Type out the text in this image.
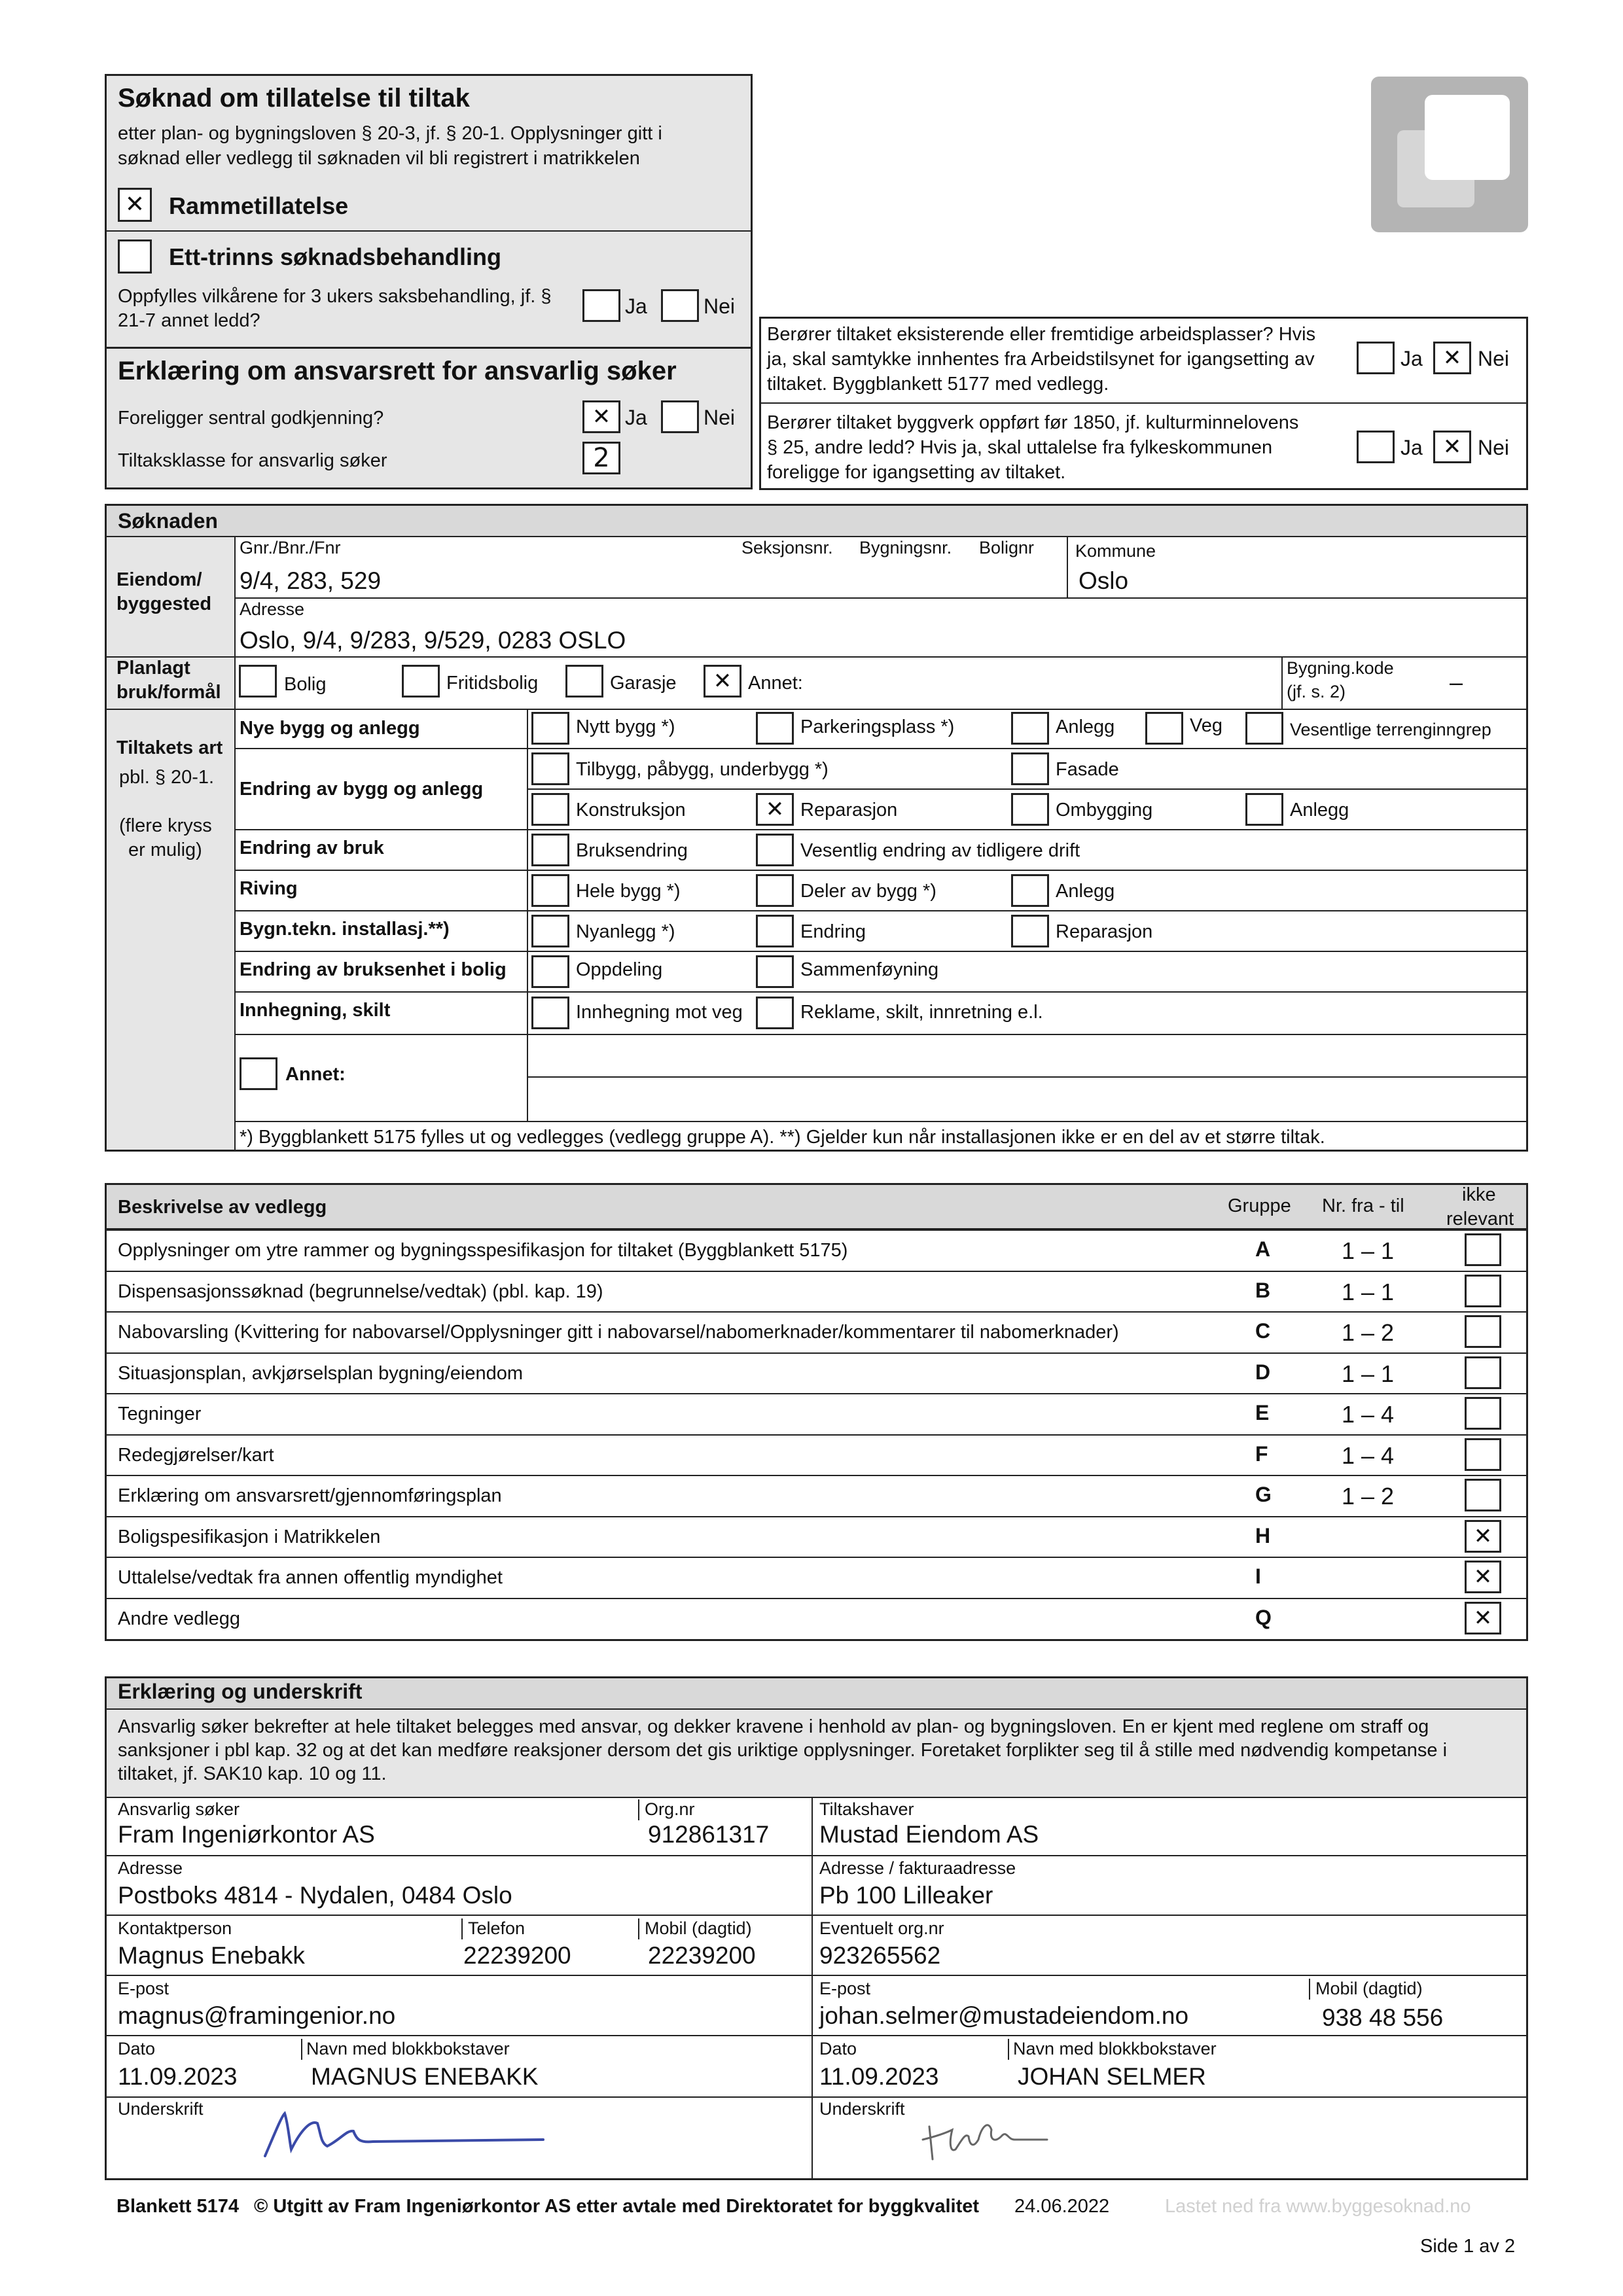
Søknad om tillatelse til tiltak
etter plan- og bygningsloven § 20-3, jf. § 20-1. Opplysninger gitt i
søknad eller vedlegg til søknaden vil bli registrert i matrikkelen
✕	Rammetillatelse
Ett-trinns søknadsbehandling
Oppfylles vilkårene for 3 ukers saksbehandling, jf. §
21-7 annet ledd?
Ja	Nei
Erklæring om ansvarsrett for ansvarlig søker
Foreligger sentral godkjenning?	✕ Ja	Nei
Tiltaksklasse for ansvarlig søker	2
Berører tiltaket eksisterende eller fremtidige arbeidsplasser? Hvis
ja, skal samtykke innhentes fra Arbeidstilsynet for igangsetting av
tiltaket. Byggblankett 5177 med vedlegg.
Ja ✕ Nei
Berører tiltaket byggverk oppført før 1850, jf. kulturminnelovens
§ 25, andre ledd? Hvis ja, skal uttalelse fra fylkeskommunen
foreligge for igangsetting av tiltaket.
Ja ✕ Nei
Søknaden
Eiendom/
byggested
Gnr./Bnr./Fnr
9/4, 283, 529
Seksjonsnr. Bygningsnr. Bolignr Kommune
Oslo
Adresse
Oslo, 9/4, 9/283, 9/529, 0283 OSLO
Planlagt
bruk/formål	Bolig	Fritidsbolig	Garasje	✕ Annet:
Bygning.kode
(jf. s. 2)	–
Tiltakets art
pbl. § 20-1.
(flere kryss
er mulig)
Nye bygg og anlegg	Nytt bygg *)	Parkeringsplass *)	Anlegg	Veg	Vesentlige terrenginngrep
Endring av bygg og anlegg
Tilbygg, påbygg, underbygg *)	Fasade
Konstruksjon	✕ Reparasjon	Ombygging	Anlegg
Endring av bruk	Bruksendring	Vesentlig endring av tidligere drift
Riving	Hele bygg *)	Deler av bygg *)	Anlegg
Bygn.tekn. installasj.**)	Nyanlegg *)	Endring	Reparasjon
Endring av bruksenhet i bolig	Oppdeling	Sammenføyning
Innhegning, skilt	Innhegning mot veg	Reklame, skilt, innretning e.l.
Annet:
*) Byggblankett 5175 fylles ut og vedlegges (vedlegg gruppe A). **) Gjelder kun når installasjonen ikke er en del av et større tiltak.
Beskrivelse av vedlegg	Gruppe Nr. fra - til
ikke
relevant
Opplysninger om ytre rammer og bygningsspesifikasjon for tiltaket (Byggblankett 5175)	A	1 – 1
Dispensasjonssøknad (begrunnelse/vedtak) (pbl. kap. 19)	B	1 – 1
Nabovarsling (Kvittering for nabovarsel/Opplysninger gitt i nabovarsel/nabomerknader/kommentarer til nabomerknader)	C	1 – 2
Situasjonsplan, avkjørselsplan bygning/eiendom	D	1 – 1
Tegninger	E	1 – 4
Redegjørelser/kart	F	1 – 4
Erklæring om ansvarsrett/gjennomføringsplan	G	1 – 2
Boligspesifikasjon i Matrikkelen	H	✕
Uttalelse/vedtak fra annen offentlig myndighet	I	✕
Andre vedlegg	Q	✕
Erklæring og underskrift
Ansvarlig søker bekrefter at hele tiltaket belegges med ansvar, og dekker kravene i henhold av plan- og bygningsloven. En er kjent med reglene om straff og
sanksjoner i pbl kap. 32 og at det kan medføre reaksjoner dersom det gis uriktige opplysninger. Foretaket forplikter seg til å stille med nødvendig kompetanse i
tiltaket, jf. SAK10 kap. 10 og 11.
Ansvarlig søker
Fram Ingeniørkontor AS
Org.nr
912861317
Adresse
Postboks 4814 - Nydalen, 0484 Oslo
Kontaktperson
Magnus Enebakk
Telefon
22239200
Mobil (dagtid)
22239200
E-post
magnus@framingenior.no
Dato
11.09.2023
Navn med blokkbokstaver
MAGNUS ENEBAKK
Underskrift
Tiltakshaver
Mustad Eiendom AS
Adresse / fakturaadresse
Pb 100 Lilleaker
Eventuelt org.nr
923265562
E-post
johan.selmer@mustadeiendom.no
Mobil (dagtid)
938 48 556
Dato
11.09.2023
Navn med blokkbokstaver
JOHAN SELMER
Underskrift
Blankett 5174 © Utgitt av Fram Ingeniørkontor AS etter avtale med Direktoratet for byggkvalitet 24.06.2022	Lastet ned fra www.byggesoknad.no
Side 1 av 2
